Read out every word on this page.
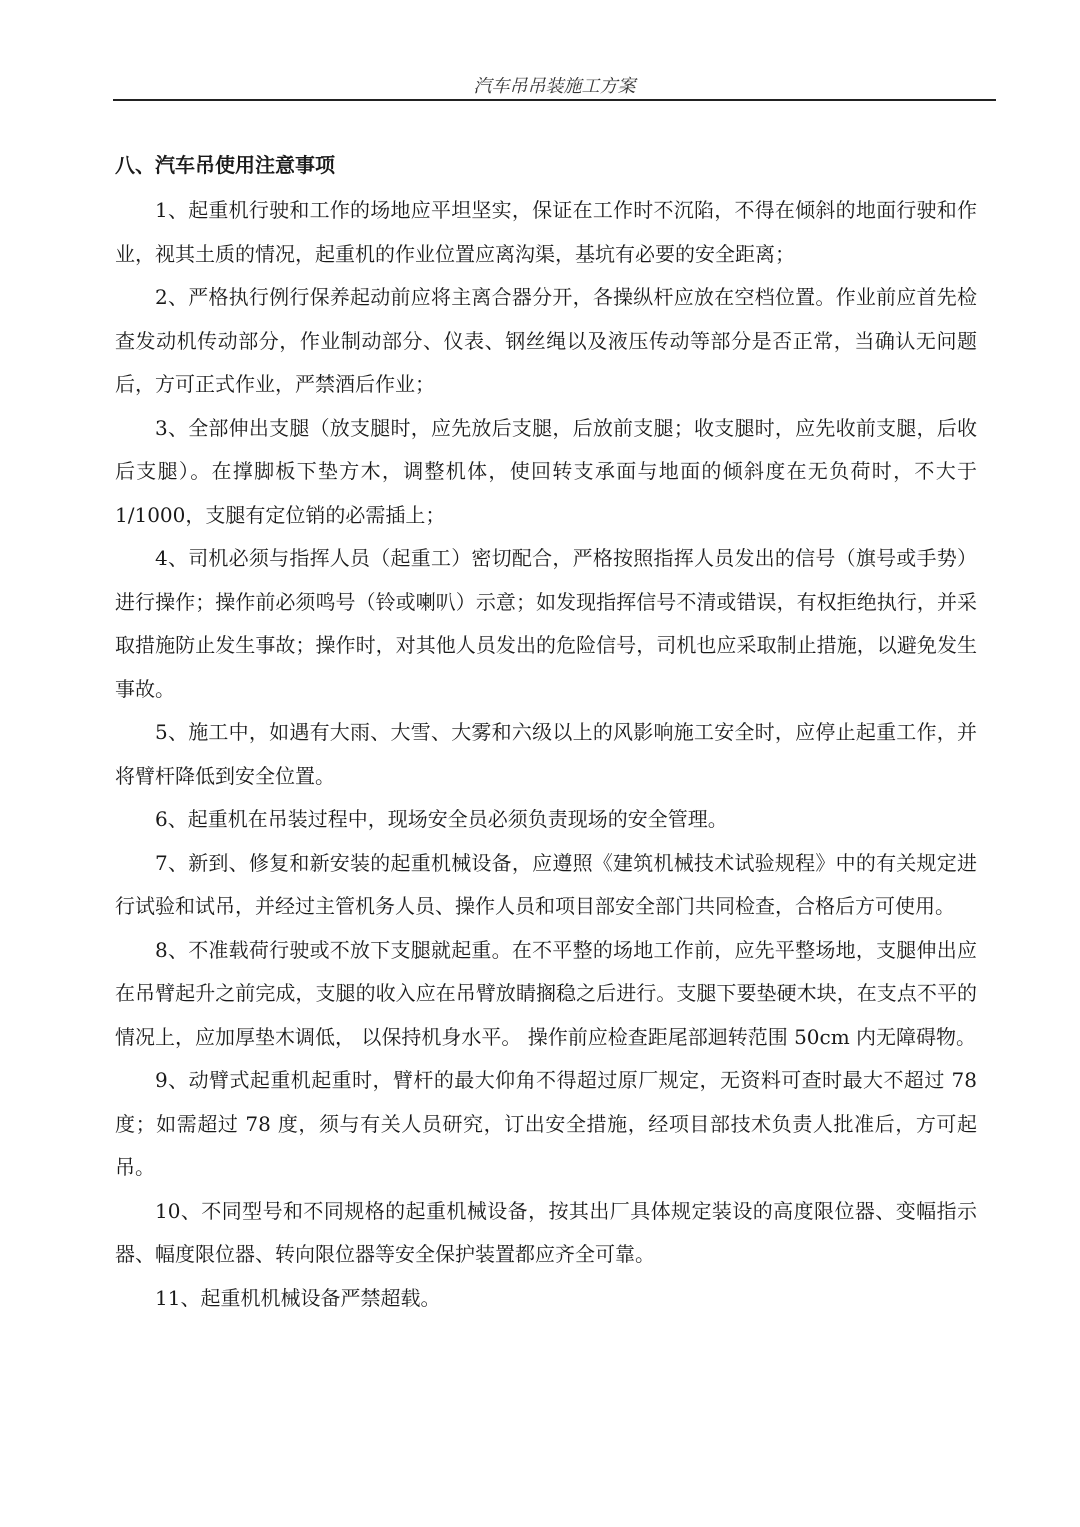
汽车吊吊装施工方案
八、汽车吊使用注意事项

1、起重机行驶和工作的场地应平坦坚实，保证在工作时不沉陷，不得在倾斜的地面行驶和作业，视其土质的情况，起重机的作业位置应离沟渠，基坑有必要的安全距离；

2、严格执行例行保养起动前应将主离合器分开，各操纵杆应放在空档位置。作业前应首先检查发动机传动部分，作业制动部分、仪表、钢丝绳以及液压传动等部分是否正常，当确认无问题后，方可正式作业，严禁酒后作业；

3、全部伸出支腿（放支腿时，应先放后支腿，后放前支腿；收支腿时，应先收前支腿，后收后支腿）。在撑脚板下垫方木，调整机体，使回转支承面与地面的倾斜度在无负荷时，不大于 1/1000，支腿有定位销的必需插上；

4、司机必须与指挥人员（起重工）密切配合，严格按照指挥人员发出的信号（旗号或手势）进行操作；操作前必须鸣号（铃或喇叭）示意；如发现指挥信号不清或错误，有权拒绝执行，并采取措施防止发生事故；操作时，对其他人员发出的危险信号，司机也应采取制止措施，以避免发生事故。

5、施工中，如遇有大雨、大雪、大雾和六级以上的风影响施工安全时，应停止起重工作，并将臂杆降低到安全位置。

6、起重机在吊装过程中，现场安全员必须负责现场的安全管理。

7、新到、修复和新安装的起重机械设备，应遵照《建筑机械技术试验规程》中的有关规定进行试验和试吊，并经过主管机务人员、操作人员和项目部安全部门共同检查，合格后方可使用。

8、不准载荷行驶或不放下支腿就起重。在不平整的场地工作前，应先平整场地，支腿伸出应在吊臂起升之前完成，支腿的收入应在吊臂放睛搁稳之后进行。支腿下要垫硬木块，在支点不平的情况上，应加厚垫木调低， 以保持机身水平。 操作前应检查距尾部迴转范围 50cm 内无障碍物。

9、动臂式起重机起重时，臂杆的最大仰角不得超过原厂规定，无资料可查时最大不超过 78 度；如需超过 78 度，须与有关人员研究，订出安全措施，经项目部技术负责人批准后，方可起吊。

10、不同型号和不同规格的起重机械设备，按其出厂具体规定装设的高度限位器、变幅指示器、幅度限位器、转向限位器等安全保护装置都应齐全可靠。

11、起重机机械设备严禁超载。
